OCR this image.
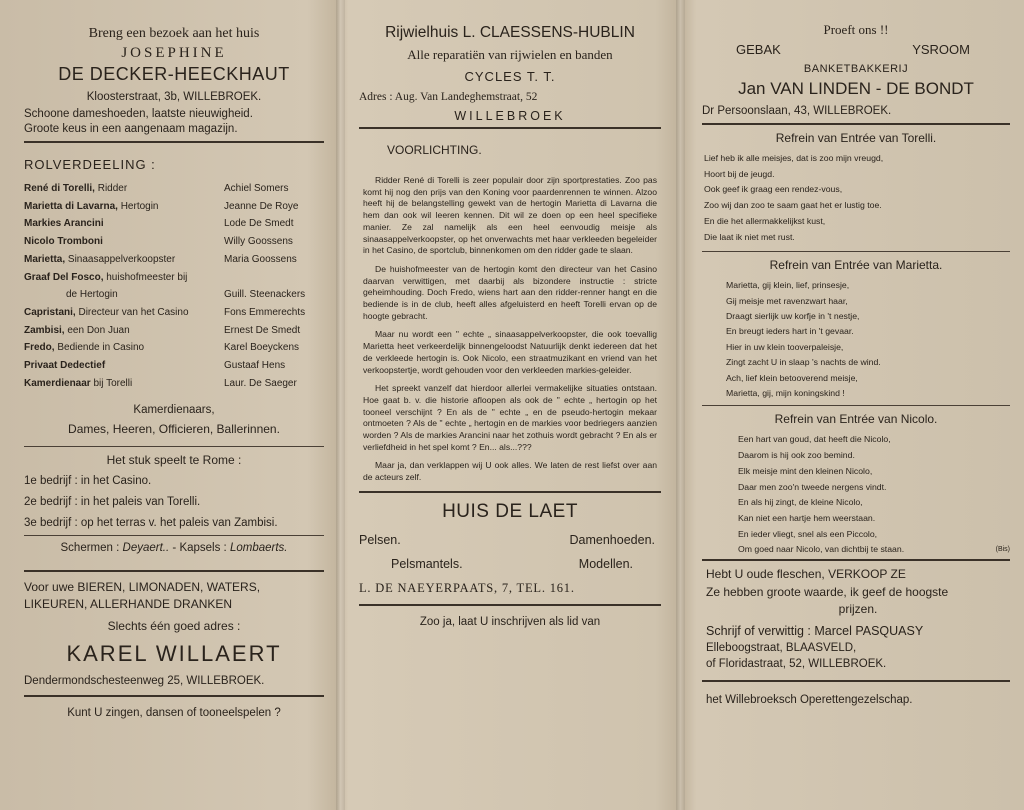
Breng een bezoek aan het huis
JOSEPHINE
DE DECKER-HEECKHAUT
Kloosterstraat, 3b, WILLEBROEK.
Schoone dameshoeden, laatste nieuwigheid.
Groote keus in een aangenaam magazijn.
ROLVERDEELING :
René di Torelli, Ridder	Achiel Somers
Marietta di Lavarna, Hertogin	Jeanne De Roye
Markies Arancini	Lode De Smedt
Nicolo Tromboni	Willy Goossens
Marietta, Sinaasappelverkoopster	Maria Goossens
Graaf Del Fosco, huishofmeester bij
de Hertogin	Guill. Steenackers
Capristani, Directeur van het Casino	Fons Emmerechts
Zambisi, een Don Juan	Ernest De Smedt
Fredo, Bediende in Casino	Karel Boeyckens
Privaat Dedectief	Gustaaf Hens
Kamerdienaar bij Torelli	Laur. De Saeger
Kamerdienaars,
Dames, Heeren, Officieren, Ballerinnen.
Het stuk speelt te Rome :
1e bedrijf : in het Casino.
2e bedrijf : in het paleis van Torelli.
3e bedrijf : op het terras v. het paleis van Zambisi.
Schermen : Deyaert.. - Kapsels : Lombaerts.
Voor uwe BIEREN, LIMONADEN, WATERS,
LIKEUREN, ALLERHANDE DRANKEN
Slechts één goed adres :
KAREL WILLAERT
Dendermondschesteenweg 25, WILLEBROEK.
Kunt U zingen, dansen of tooneelspelen ?
Rijwielhuis L. CLAESSENS-HUBLIN
Alle reparatiën van rijwielen en banden
CYCLES T. T.
Adres : Aug. Van Landeghemstraat, 52
WILLEBROEK
VOORLICHTING.

Ridder René di Torelli is zeer populair door zijn sportprestaties. Zoo pas komt hij nog den prijs van den Koning voor paardenrennen te winnen. Alzoo heeft hij de belangstelling gewekt van de hertogin Marietta di Lavarna die hem dan ook wil leeren kennen. Dit wil ze doen op een heel specifieke manier. Ze zal namelijk als een heel eenvoudig meisje als sinaasappelverkoopster, op het onverwachts met haar verkleeden begeleider in het Casino, de sportclub, binnenkomen om den ridder gade te slaan.

De huishofmeester van de hertogin komt den directeur van het Casino daarvan verwittigen, met daarbij als bizondere instructie : stricte geheimhouding. Doch Fredo, wiens hart aan den ridder-renner hangt en die bediende is in de club, heeft alles afgeluisterd en heeft Torelli ervan op de hoogte gebracht.

Maar nu wordt een " echte „ sinaasappelverkoopster, die ook toevallig Marietta heet verkeerdelijk binnengeloodst Natuurlijk denkt iedereen dat het de verkleede hertogin is. Ook Nicolo, een straatmuzikant en vriend van het verkoopstertje, wordt gehouden voor den verkleeden markies-geleider.

Het spreekt vanzelf dat hierdoor allerlei vermakelijke situaties ontstaan. Hoe gaat b. v. die historie afloopen als ook de " echte „ hertogin op het tooneel verschijnt ? En als de " echte „ en de pseudo-hertogin mekaar ontmoeten ? Als de " echte „ hertogin en de markies voor bedriegers aanzien worden ? Als de markies Arancini naar het zothuis wordt gebracht ? En als er verliefdheid in het spel komt ? En... als...???

Maar ja, dan verklappen wij U ook alles. We laten de rest liefst over aan de acteurs zelf.

HUIS DE LAET
Pelsen.	Damenhoeden.
Pelsmantels.	Modellen.
L. DE NAEYERPAATS, 7, TEL. 161.
Zoo ja, laat U inschrijven als lid van
Proeft ons !!
GEBAK	YSROOM
BANKETBAKKERIJ
Jan VAN LINDEN - DE BONDT
Dr Persoonslaan, 43, WILLEBROEK.
Refrein van Entrée van Torelli.
Lief heb ik alle meisjes, dat is zoo mijn vreugd,
Hoort bij de jeugd.
Ook geef ik graag een rendez-vous,
Zoo wij dan zoo te saam gaat het er lustig toe.
En die het allermakkelijkst kust,
Die laat ik niet met rust.
Refrein van Entrée van Marietta.
Marietta, gij klein, lief, prinsesje,
Gij meisje met ravenzwart haar,
Draagt sierlijk uw korfje in 't nestje,
En breugt ieders hart in 't gevaar.
Hier in uw klein tooverpaleisje,
Zingt zacht U in slaap 's nachts de wind.
Ach, lief klein betooverend meisje,
Marietta, gij, mijn koningskind !
Refrein van Entrée van Nicolo.
Een hart van goud, dat heeft die Nicolo,
Daarom is hij ook zoo bemind.
Elk meisje mint den kleinen Nicolo,
Daar men zoo'n tweede nergens vindt.
En als hij zingt, de kleine Nicolo,
Kan niet een hartje hem weerstaan.
En ieder vliegt, snel als een Piccolo,
Om goed naar Nicolo, van dichtbij te staan.	(Bis)
Hebt U oude fleschen, VERKOOP ZE
Ze hebben groote waarde, ik geef de hoogste
prijzen.
Schrijf of verwittig : Marcel PASQUASY
Elleboogstraat, BLAASVELD,
of Floridastraat, 52, WILLEBROEK.
het Willebroeksch Operettengezelschap.
